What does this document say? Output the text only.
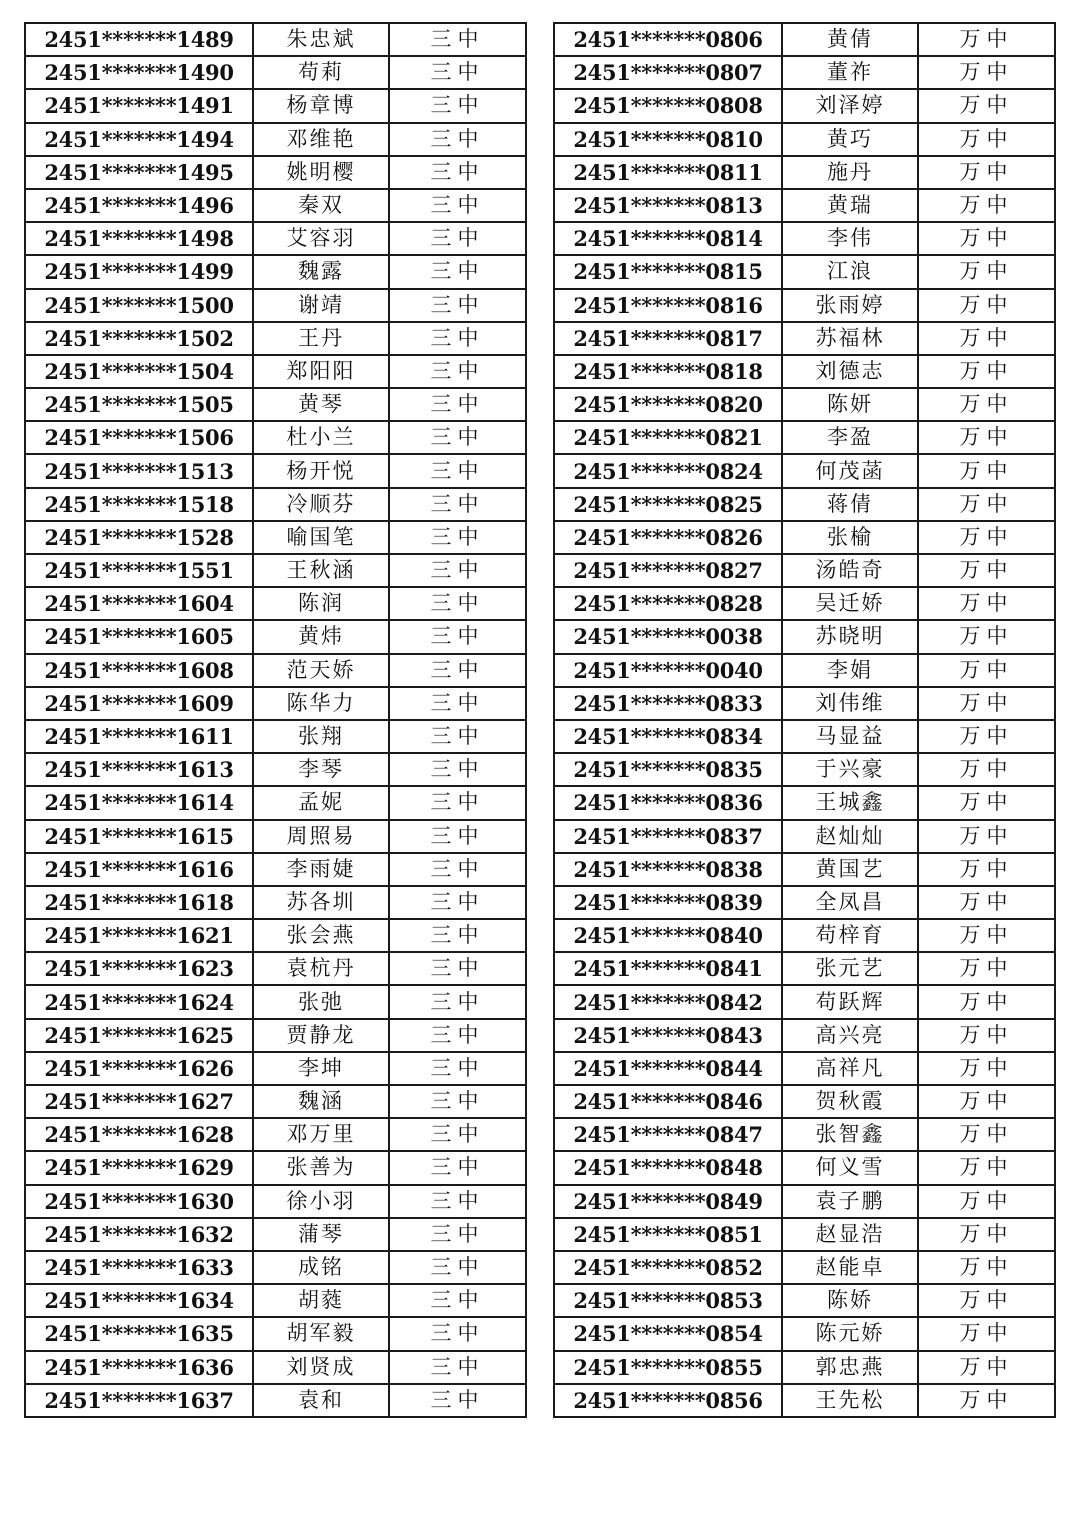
2451*******1489	朱忠斌	三中
2451*******1490	苟莉	三中
2451*******1491	杨章博	三中
2451*******1494	邓维艳	三中
2451*******1495	姚明樱	三中
2451*******1496	秦双	三中
2451*******1498	艾容羽	三中
2451*******1499	魏露	三中
2451*******1500	谢靖	三中
2451*******1502	王丹	三中
2451*******1504	郑阳阳	三中
2451*******1505	黄琴	三中
2451*******1506	杜小兰	三中
2451*******1513	杨开悦	三中
2451*******1518	冷顺芬	三中
2451*******1528	喻国笔	三中
2451*******1551	王秋涵	三中
2451*******1604	陈润	三中
2451*******1605	黄炜	三中
2451*******1608	范天娇	三中
2451*******1609	陈华力	三中
2451*******1611	张翔	三中
2451*******1613	李琴	三中
2451*******1614	孟妮	三中
2451*******1615	周照易	三中
2451*******1616	李雨婕	三中
2451*******1618	苏各圳	三中
2451*******1621	张会燕	三中
2451*******1623	袁杭丹	三中
2451*******1624	张弛	三中
2451*******1625	贾静龙	三中
2451*******1626	李坤	三中
2451*******1627	魏涵	三中
2451*******1628	邓万里	三中
2451*******1629	张善为	三中
2451*******1630	徐小羽	三中
2451*******1632	蒲琴	三中
2451*******1633	成铭	三中
2451*******1634	胡蕤	三中
2451*******1635	胡军毅	三中
2451*******1636	刘贤成	三中
2451*******1637	袁和	三中
2451*******0806	黄倩	万中
2451*******0807	董祚	万中
2451*******0808	刘泽婷	万中
2451*******0810	黄巧	万中
2451*******0811	施丹	万中
2451*******0813	黄瑞	万中
2451*******0814	李伟	万中
2451*******0815	江浪	万中
2451*******0816	张雨婷	万中
2451*******0817	苏福林	万中
2451*******0818	刘德志	万中
2451*******0820	陈妍	万中
2451*******0821	李盈	万中
2451*******0824	何茂菡	万中
2451*******0825	蒋倩	万中
2451*******0826	张榆	万中
2451*******0827	汤皓奇	万中
2451*******0828	吴迁娇	万中
2451*******0038	苏晓明	万中
2451*******0040	李娟	万中
2451*******0833	刘伟维	万中
2451*******0834	马显益	万中
2451*******0835	于兴豪	万中
2451*******0836	王城鑫	万中
2451*******0837	赵灿灿	万中
2451*******0838	黄国艺	万中
2451*******0839	全凤昌	万中
2451*******0840	苟梓育	万中
2451*******0841	张元艺	万中
2451*******0842	苟跃辉	万中
2451*******0843	高兴亮	万中
2451*******0844	高祥凡	万中
2451*******0846	贺秋霞	万中
2451*******0847	张智鑫	万中
2451*******0848	何义雪	万中
2451*******0849	袁子鹏	万中
2451*******0851	赵显浩	万中
2451*******0852	赵能卓	万中
2451*******0853	陈娇	万中
2451*******0854	陈元娇	万中
2451*******0855	郭忠燕	万中
2451*******0856	王先松	万中
